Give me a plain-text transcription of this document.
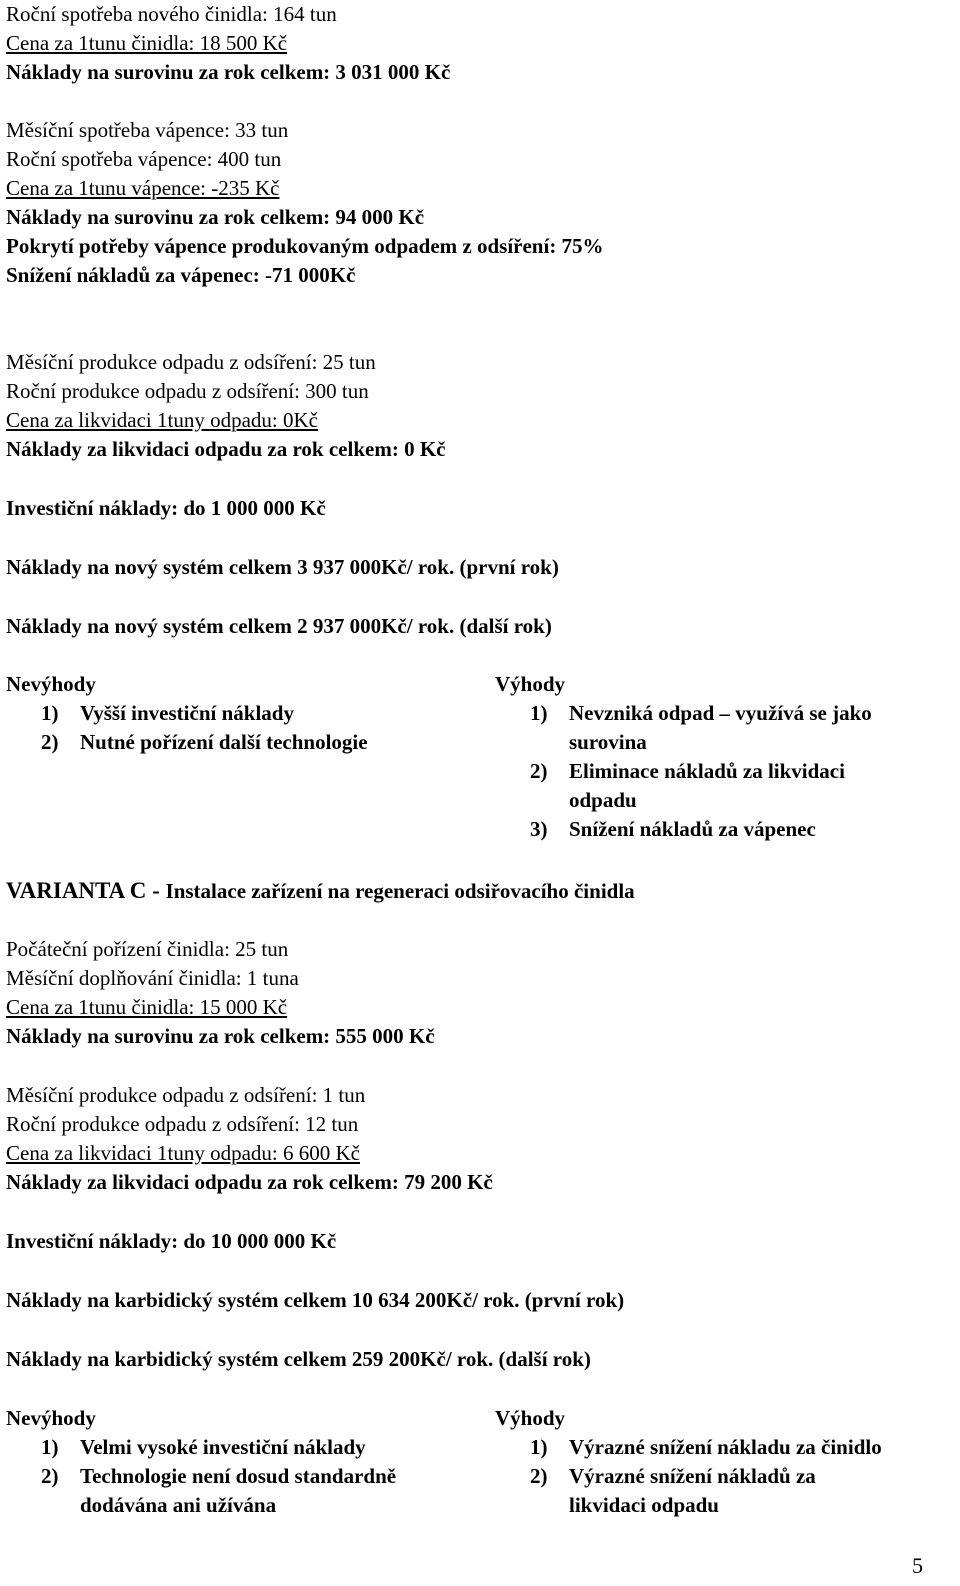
Roční spotřeba nového činidla: 164 tun
Cena za 1tunu činidla: 18 500 Kč
Náklady na surovinu za rok celkem: 3 031 000 Kč
Měsíční spotřeba vápence: 33 tun
Roční spotřeba vápence: 400 tun
Cena za 1tunu vápence: -235 Kč
Náklady na surovinu za rok celkem: 94 000 Kč
Pokrytí potřeby vápence produkovaným odpadem z odsíření: 75%
Snížení nákladů za vápenec: -71 000Kč
Měsíční produkce odpadu z odsíření: 25 tun
Roční produkce odpadu z odsíření: 300 tun
Cena za likvidaci 1tuny odpadu: 0Kč
Náklady za likvidaci odpadu za rok celkem: 0 Kč
Investiční náklady: do 1 000 000 Kč
Náklady na nový systém celkem 3 937 000Kč/ rok. (první rok)
Náklady na nový systém celkem 2 937 000Kč/ rok. (další rok)
Nevýhody
1) Vyšší investiční náklady
2) Nutné pořízení další technologie
Výhody
1) Nevzniká odpad – využívá se jako
surovina
2) Eliminace nákladů za likvidaci
odpadu
3) Snížení nákladů za vápenec
VARIANTA C - Instalace zařízení na regeneraci odsiřovacího činidla
Počáteční pořízení činidla: 25 tun
Měsíční doplňování činidla: 1 tuna
Cena za 1tunu činidla: 15 000 Kč
Náklady na surovinu za rok celkem: 555 000 Kč
Měsíční produkce odpadu z odsíření: 1 tun
Roční produkce odpadu z odsíření: 12 tun
Cena za likvidaci 1tuny odpadu: 6 600 Kč
Náklady za likvidaci odpadu za rok celkem: 79 200 Kč
Investiční náklady: do 10 000 000 Kč
Náklady na karbidický systém celkem 10 634 200Kč/ rok. (první rok)
Náklady na karbidický systém celkem 259 200Kč/ rok. (další rok)
Nevýhody
1) Velmi vysoké investiční náklady
2) Technologie není dosud standardně
dodávána ani užívána
Výhody
1) Výrazné snížení nákladu za činidlo
2) Výrazné snížení nákladů za
likvidaci odpadu
5
